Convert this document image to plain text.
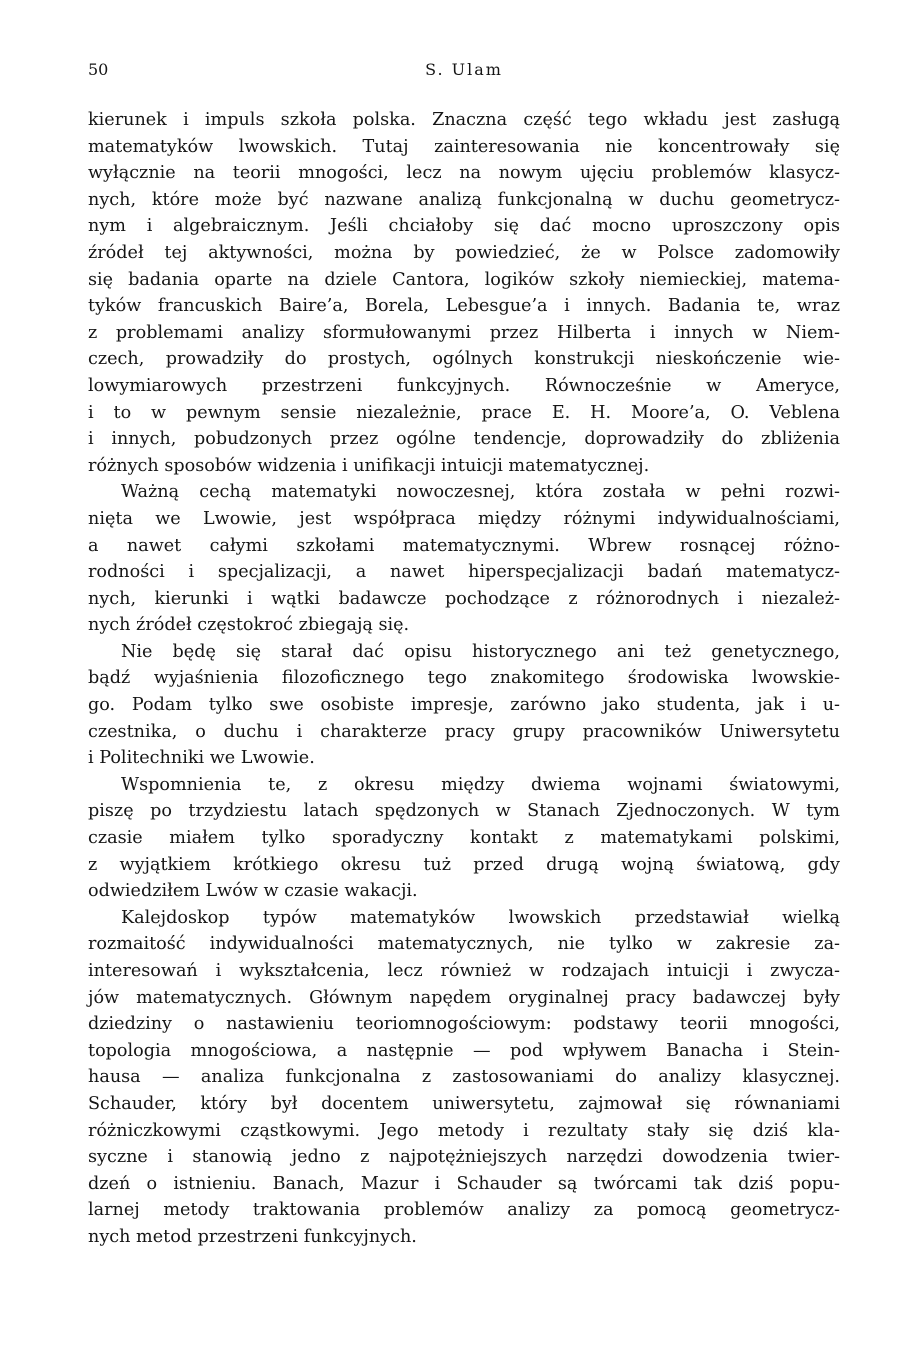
50	S. Ulam
kierunek i impuls szkoła polska. Znaczna część tego wkładu jest zasługą
matematyków lwowskich. Tutaj zainteresowania nie koncentrowały się
wyłącznie na teorii mnogości, lecz na nowym ujęciu problemów klasycz-
nych, które może być nazwane analizą funkcjonalną w duchu geometrycz-
nym i algebraicznym. Jeśli chciałoby się dać mocno uproszczony opis
źródeł tej aktywności, można by powiedzieć, że w Polsce zadomowiły
się badania oparte na dziele Cantora, logików szkoły niemieckiej, matema-
tyków francuskich Baire’a, Borela, Lebesgue’a i innych. Badania te, wraz
z problemami analizy sformułowanymi przez Hilberta i innych w Niem-
czech, prowadziły do prostych, ogólnych konstrukcji nieskończenie wie-
lowymiarowych przestrzeni funkcyjnych. Równocześnie w Ameryce,
i to w pewnym sensie niezależnie, prace E. H. Moore’a, O. Veblena
i innych, pobudzonych przez ogólne tendencje, doprowadziły do zbliżenia
różnych sposobów widzenia i unifikacji intuicji matematycznej.
Ważną cechą matematyki nowoczesnej, która została w pełni rozwi-
nięta we Lwowie, jest współpraca między różnymi indywidualnościami,
a nawet całymi szkołami matematycznymi. Wbrew rosnącej różno-
rodności i specjalizacji, a nawet hiperspecjalizacji badań matematycz-
nych, kierunki i wątki badawcze pochodzące z różnorodnych i niezależ-
nych źródeł częstokroć zbiegają się.
Nie będę się starał dać opisu historycznego ani też genetycznego,
bądź wyjaśnienia filozoficznego tego znakomitego środowiska lwowskie-
go. Podam tylko swe osobiste impresje, zarówno jako studenta, jak i u-
czestnika, o duchu i charakterze pracy grupy pracowników Uniwersytetu
i Politechniki we Lwowie.
Wspomnienia te, z okresu między dwiema wojnami światowymi,
piszę po trzydziestu latach spędzonych w Stanach Zjednoczonych. W tym
czasie miałem tylko sporadyczny kontakt z matematykami polskimi,
z wyjątkiem krótkiego okresu tuż przed drugą wojną światową, gdy
odwiedziłem Lwów w czasie wakacji.
Kalejdoskop typów matematyków lwowskich przedstawiał wielką
rozmaitość indywidualności matematycznych, nie tylko w zakresie za-
interesowań i wykształcenia, lecz również w rodzajach intuicji i zwycza-
jów matematycznych. Głównym napędem oryginalnej pracy badawczej były
dziedziny o nastawieniu teoriomnogościowym: podstawy teorii mnogości,
topologia mnogościowa, a następnie — pod wpływem Banacha i Stein-
hausa — analiza funkcjonalna z zastosowaniami do analizy klasycznej.
Schauder, który był docentem uniwersytetu, zajmował się równaniami
różniczkowymi cząstkowymi. Jego metody i rezultaty stały się dziś kla-
syczne i stanowią jedno z najpotężniejszych narzędzi dowodzenia twier-
dzeń o istnieniu. Banach, Mazur i Schauder są twórcami tak dziś popu-
larnej metody traktowania problemów analizy za pomocą geometrycz-
nych metod przestrzeni funkcyjnych.
